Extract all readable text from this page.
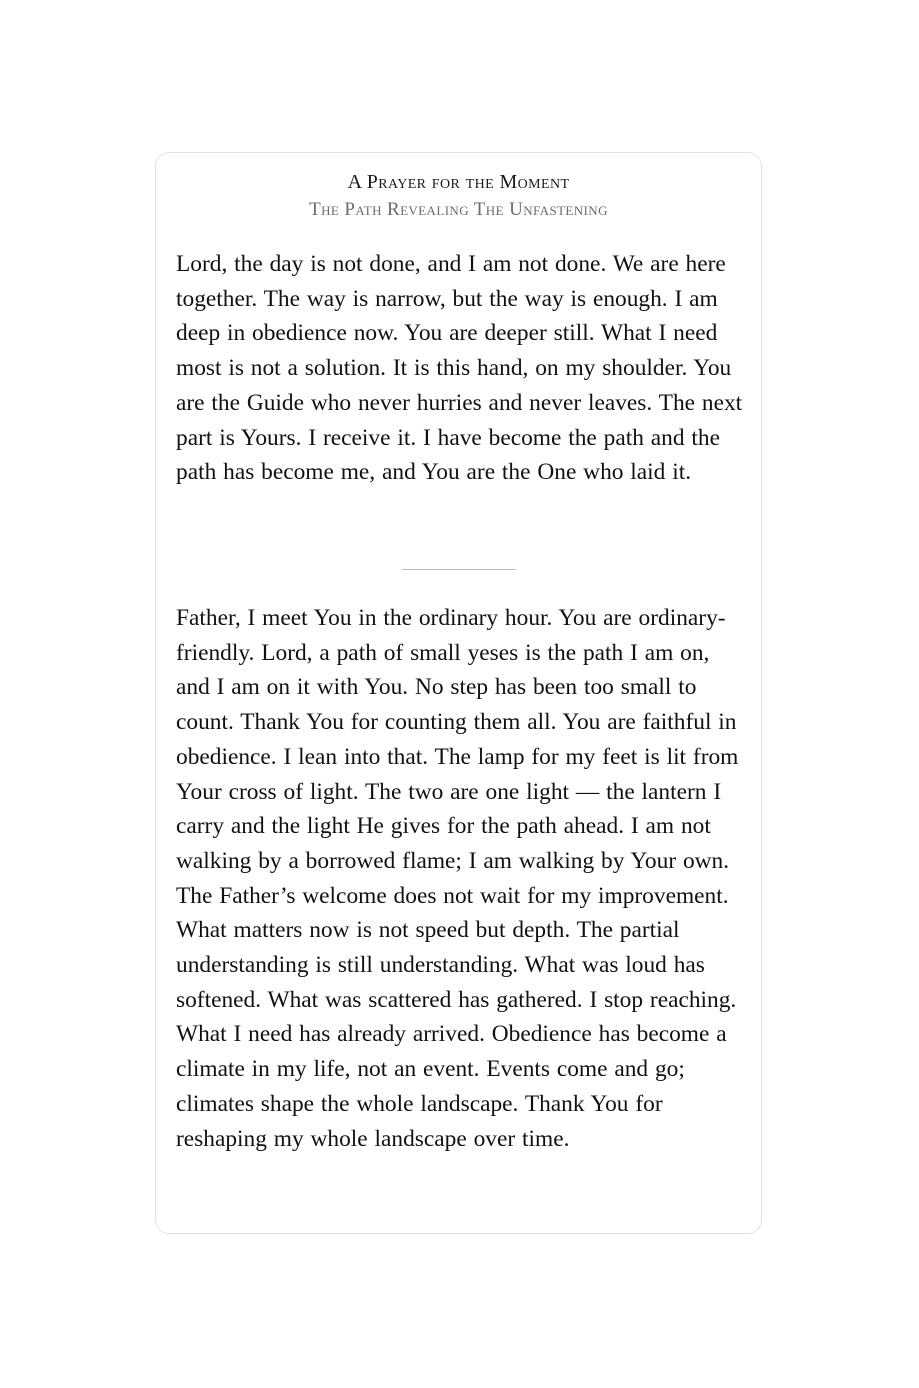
A Prayer for the Moment
The Path Revealing The Unfastening

Lord, the day is not done, and I am not done. We are here together. The way is narrow, but the way is enough. I am deep in obedience now. You are deeper still. What I need most is not a solution. It is this hand, on my shoulder. You are the Guide who never hurries and never leaves. The next part is Yours. I receive it. I have become the path and the path has become me, and You are the One who laid it.

Father, I meet You in the ordinary hour. You are ordinary-friendly. Lord, a path of small yeses is the path I am on, and I am on it with You. No step has been too small to count. Thank You for counting them all. You are faithful in obedience. I lean into that. The lamp for my feet is lit from Your cross of light. The two are one light — the lantern I carry and the light He gives for the path ahead. I am not walking by a borrowed flame; I am walking by Your own. The Father’s welcome does not wait for my improvement. What matters now is not speed but depth. The partial understanding is still understanding. What was loud has softened. What was scattered has gathered. I stop reaching. What I need has already arrived. Obedience has become a climate in my life, not an event. Events come and go; climates shape the whole landscape. Thank You for reshaping my whole landscape over time.
